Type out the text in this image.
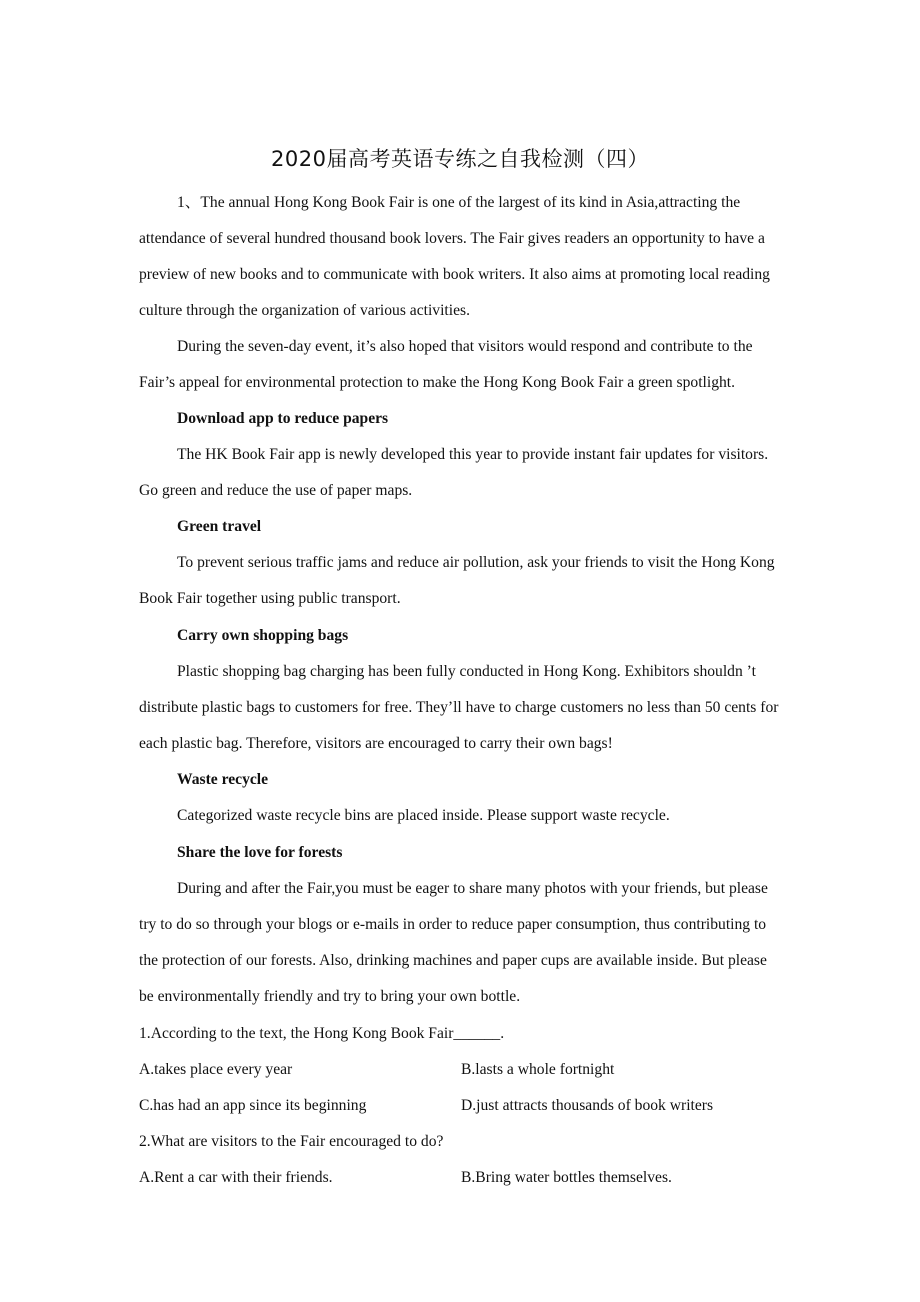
2020届高考英语专练之自我检测（四）

1、The annual Hong Kong Book Fair is one of the largest of its kind in Asia,attracting the attendance of several hundred thousand book lovers. The Fair gives readers an opportunity to have a preview of new books and to communicate with book writers. It also aims at promoting local reading culture through the organization of various activities.

During the seven-day event, it’s also hoped that visitors would respond and contribute to the Fair’s appeal for environmental protection to make the Hong Kong Book Fair a green spotlight.

Download app to reduce papers

The HK Book Fair app is newly developed this year to provide instant fair updates for visitors. Go green and reduce the use of paper maps.

Green travel

To prevent serious traffic jams and reduce air pollution, ask your friends to visit the Hong Kong Book Fair together using public transport.

Carry own shopping bags

Plastic shopping bag charging has been fully conducted in Hong Kong. Exhibitors shouldn ’t distribute plastic bags to customers for free. They’ll have to charge customers no less than 50 cents for each plastic bag. Therefore, visitors are encouraged to carry their own bags!

Waste recycle

Categorized waste recycle bins are placed inside. Please support waste recycle.

Share the love for forests

During and after the Fair,you must be eager to share many photos with your friends, but please try to do so through your blogs or e-mails in order to reduce paper consumption, thus contributing to the protection of our forests. Also, drinking machines and paper cups are available inside. But please be environmentally friendly and try to bring your own bottle.

1.According to the text, the Hong Kong Book Fair______.
A.takes place every year	B.lasts a whole fortnight
C.has had an app since its beginning	D.just attracts thousands of book writers
2.What are visitors to the Fair encouraged to do?
A.Rent a car with their friends.	B.Bring water bottles themselves.
